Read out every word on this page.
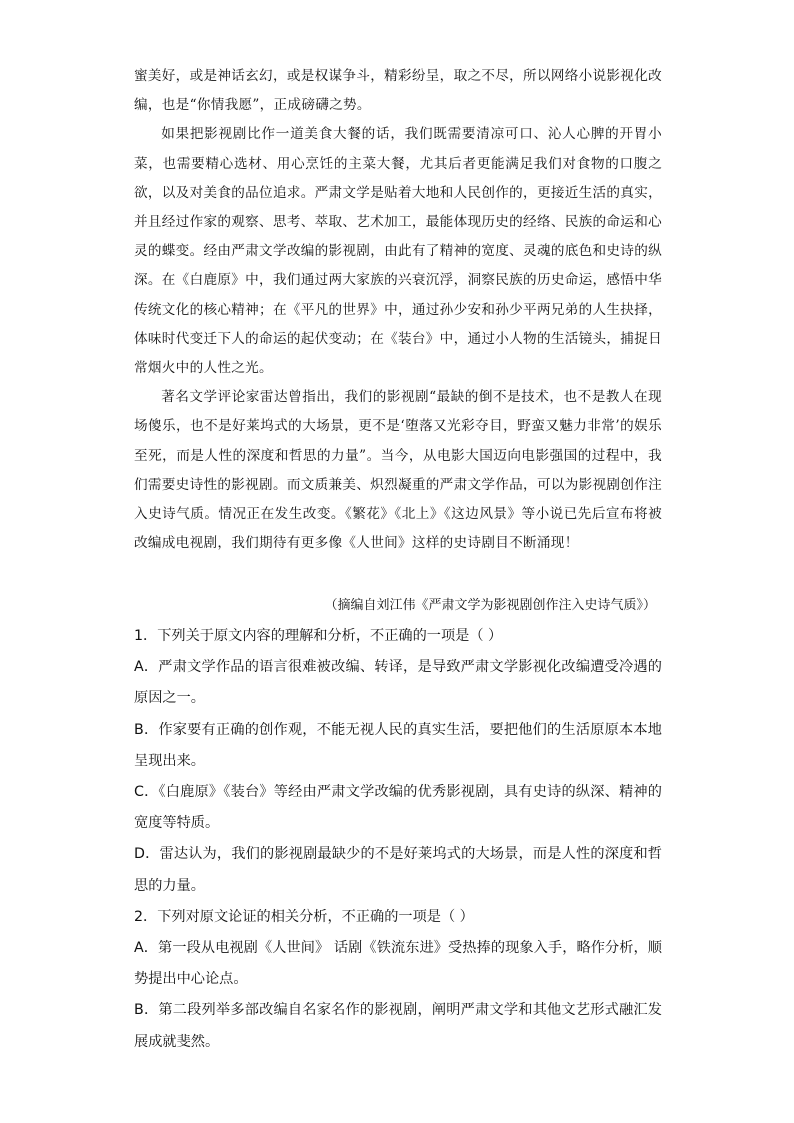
蜜美好，或是神话玄幻，或是权谋争斗，精彩纷呈，取之不尽，所以网络小说影视化改编，也是“你情我愿”，正成磅礴之势。

如果把影视剧比作一道美食大餐的话，我们既需要清凉可口、沁人心脾的开胃小菜，也需要精心选材、用心烹饪的主菜大餐，尤其后者更能满足我们对食物的口腹之欲，以及对美食的品位追求。严肃文学是贴着大地和人民创作的，更接近生活的真实，并且经过作家的观察、思考、萃取、艺术加工，最能体现历史的经络、民族的命运和心灵的蝶变。经由严肃文学改编的影视剧，由此有了精神的宽度、灵魂的底色和史诗的纵深。在《白鹿原》中，我们通过两大家族的兴衰沉浮，洞察民族的历史命运，感悟中华传统文化的核心精神；在《平凡的世界》中，通过孙少安和孙少平两兄弟的人生抉择，体味时代变迁下人的命运的起伏变动；在《装台》中，通过小人物的生活镜头，捕捉日常烟火中的人性之光。

著名文学评论家雷达曾指出，我们的影视剧“最缺的倒不是技术，也不是教人在现场傻乐，也不是好莱坞式的大场景，更不是‘堕落又光彩夺目，野蛮又魅力非常’的娱乐至死，而是人性的深度和哲思的力量”。当今，从电影大国迈向电影强国的过程中，我们需要史诗性的影视剧。而文质兼美、炽烈凝重的严肃文学作品，可以为影视剧创作注入史诗气质。情况正在发生改变。《繁花》《北上》《这边风景》等小说已先后宣布将被改编成电视剧，我们期待有更多像《人世间》这样的史诗剧目不断涌现！

（摘编自刘江伟《严肃文学为影视剧创作注入史诗气质》）

1．下列关于原文内容的理解和分析，不正确的一项是（ ）

A．严肃文学作品的语言很难被改编、转译，是导致严肃文学影视化改编遭受冷遇的原因之一。

B．作家要有正确的创作观，不能无视人民的真实生活，要把他们的生活原原本本地呈现出来。

C．《白鹿原》《装台》等经由严肃文学改编的优秀影视剧，具有史诗的纵深、精神的宽度等特质。

D．雷达认为，我们的影视剧最缺少的不是好莱坞式的大场景，而是人性的深度和哲思的力量。

2．下列对原文论证的相关分析，不正确的一项是（ ）

A．第一段从电视剧《人世间》 话剧《铁流东进》受热捧的现象入手，略作分析，顺势提出中心论点。

B．第二段列举多部改编自名家名作的影视剧，阐明严肃文学和其他文艺形式融汇发展成就斐然。
